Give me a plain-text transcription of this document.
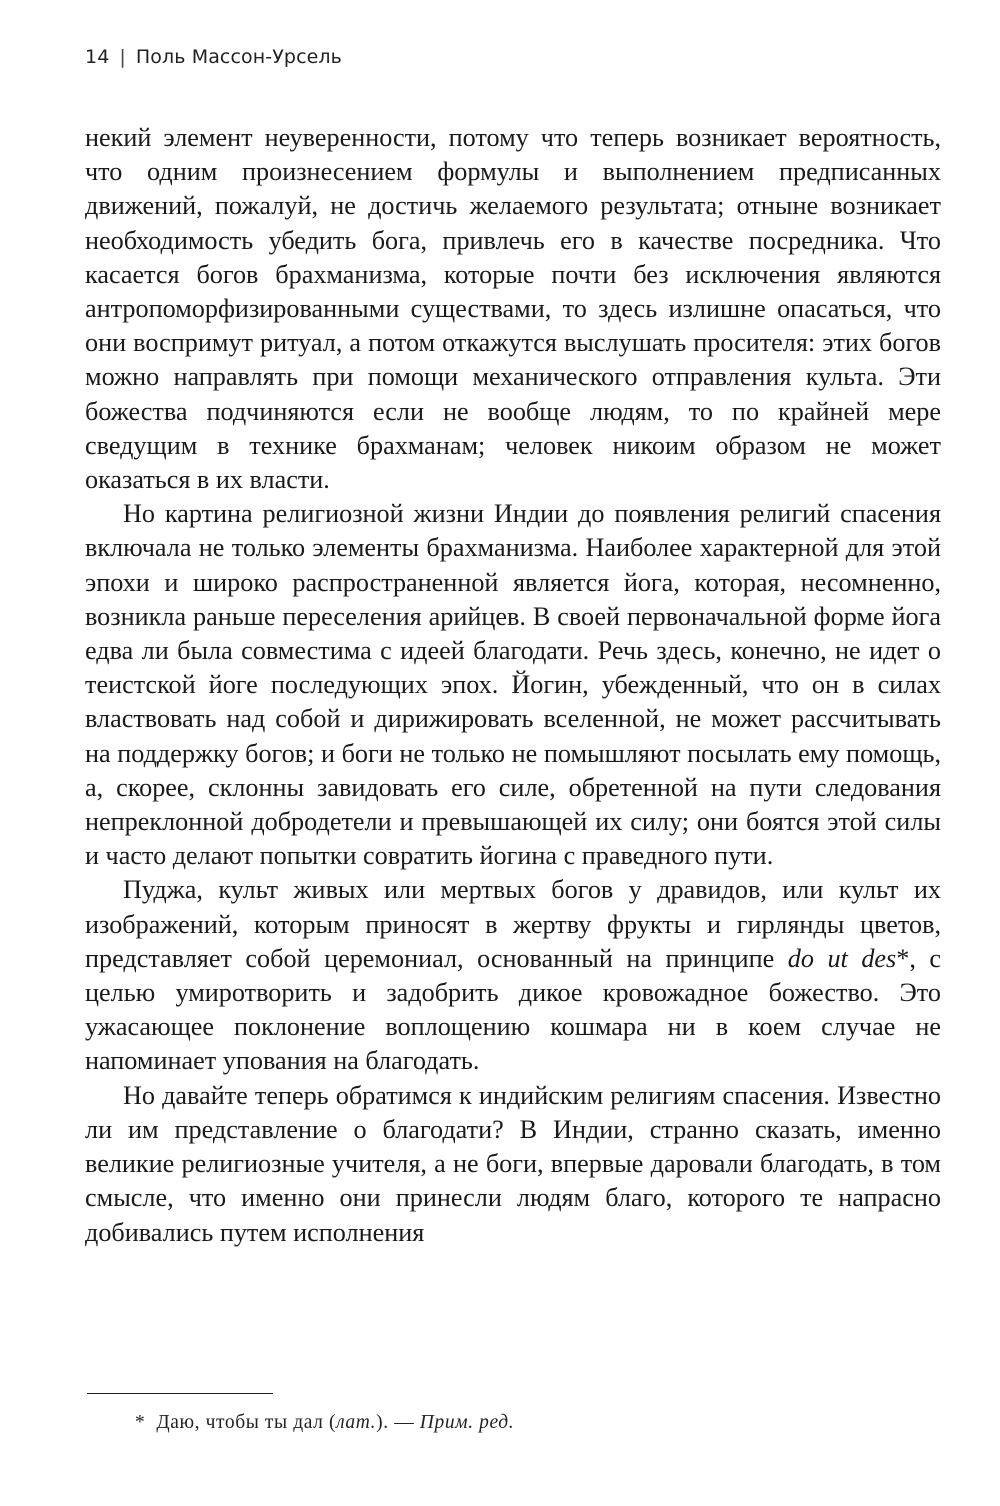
14 | Поль Массон-Урсель

некий элемент неуверенности, потому что теперь возникает вероятность, что одним произнесением формулы и выполнением предписанных движений, пожалуй, не достичь желаемого результата; отныне возникает необходимость убедить бога, привлечь его в качестве посредника. Что касается богов брахманизма, которые почти без исключения являются антропоморфизированными существами, то здесь излишне опасаться, что они воспримут ритуал, а потом откажутся выслушать просителя: этих богов можно направлять при помощи механического отправления культа. Эти божества подчиняются если не вообще людям, то по крайней мере сведущим в технике брахманам; человек никоим образом не может оказаться в их власти.

Но картина религиозной жизни Индии до появления религий спасения включала не только элементы брахманизма. Наиболее характерной для этой эпохи и широко распространенной является йога, которая, несомненно, возникла раньше переселения арийцев. В своей первоначальной форме йога едва ли была совместима с идеей благодати. Речь здесь, конечно, не идет о теистской йоге последующих эпох. Йогин, убежденный, что он в силах властвовать над собой и дирижировать вселенной, не может рассчитывать на поддержку богов; и боги не только не помышляют посылать ему помощь, а, скорее, склонны завидовать его силе, обретенной на пути следования непреклонной добродетели и превышающей их силу; они боятся этой силы и часто делают попытки совратить йогина с праведного пути.

Пуджа, культ живых или мертвых богов у дравидов, или культ их изображений, которым приносят в жертву фрукты и гирлянды цветов, представляет собой церемониал, основанный на принципе do ut des*, с целью умиротворить и задобрить дикое кровожадное божество. Это ужасающее поклонение воплощению кошмара ни в коем случае не напоминает упования на благодать.

Но давайте теперь обратимся к индийским религиям спасения. Известно ли им представление о благодати? В Индии, странно сказать, именно великие религиозные учителя, а не боги, впервые даровали благодать, в том смысле, что именно они принесли людям благо, которого те напрасно добивались путем исполнения

* Даю, чтобы ты дал (лат.). — Прим. ред.
